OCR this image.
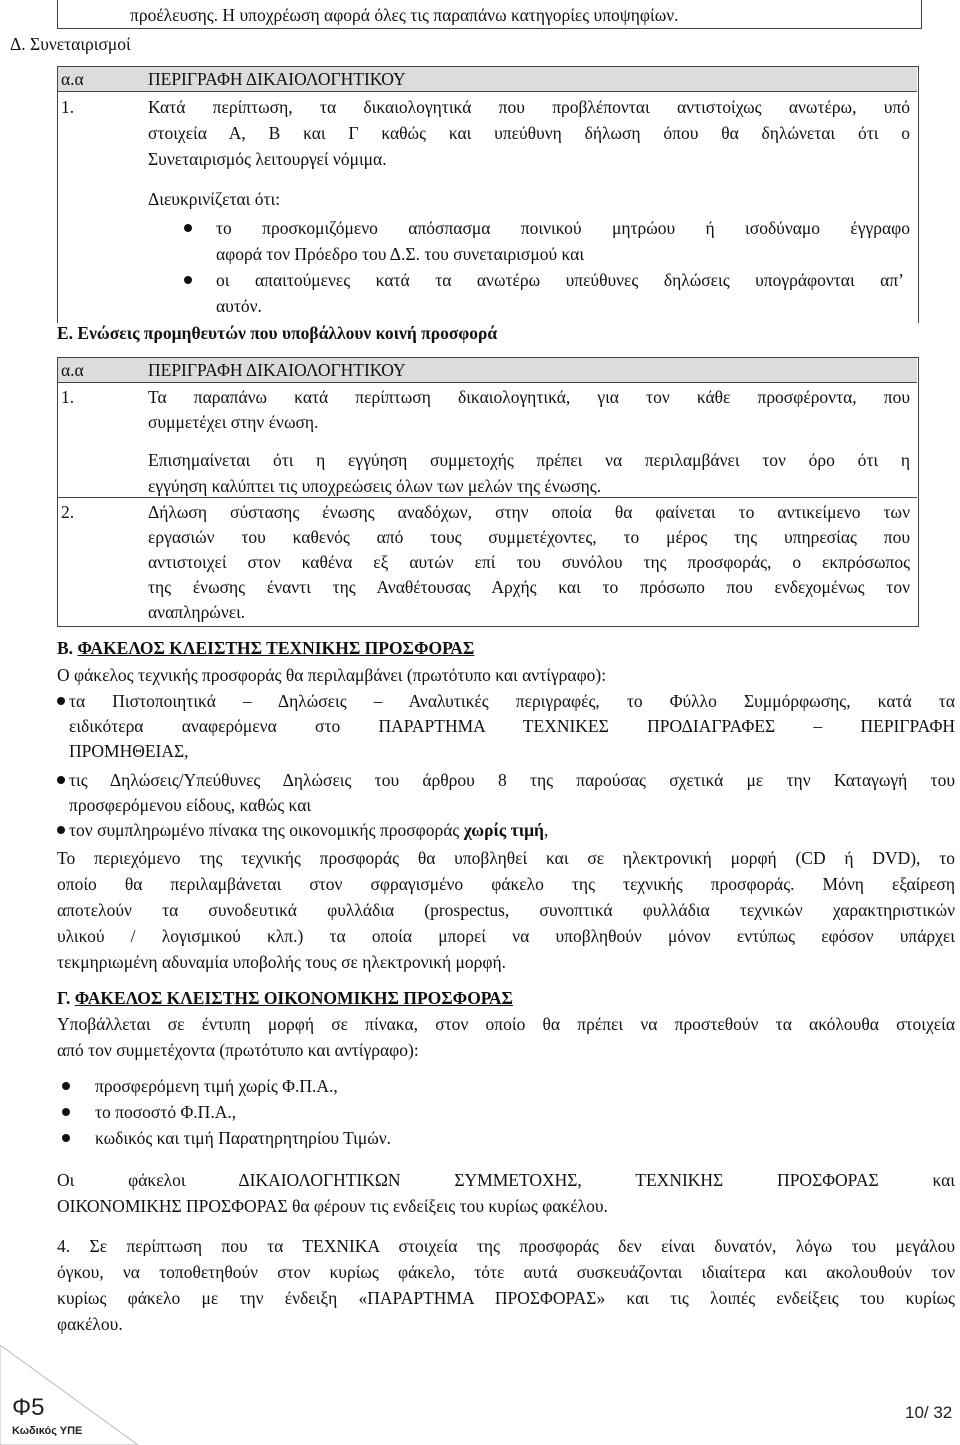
προέλευσης. Η υποχρέωση αφορά όλες τις παραπάνω κατηγορίες υποψηφίων.
Δ. Συνεταιρισμοί
α.α	ΠΕΡΙΓΡΑΦΗ ΔΙΚΑΙΟΛΟΓΗΤΙΚΟΥ
1.	Κατά περίπτωση, τα δικαιολογητικά που προβλέπονται αντιστοίχως ανωτέρω, υπό
στοιχεία Α, Β και Γ καθώς και υπεύθυνη δήλωση όπου θα δηλώνεται ότι ο
Συνεταιρισμός λειτουργεί νόμιμα.
Διευκρινίζεται ότι:
το προσκομιζόμενο απόσπασμα ποινικού μητρώου ή ισοδύναμο έγγραφο
αφορά τον Πρόεδρο του Δ.Σ. του συνεταιρισμού και
οι απαιτούμενες κατά τα ανωτέρω υπεύθυνες δηλώσεις υπογράφονται απ’
αυτόν.
Ε. Ενώσεις προμηθευτών που υποβάλλουν κοινή προσφορά
α.α	ΠΕΡΙΓΡΑΦΗ ΔΙΚΑΙΟΛΟΓΗΤΙΚΟΥ
1.	Τα παραπάνω κατά περίπτωση δικαιολογητικά, για τον κάθε προσφέροντα, που
συμμετέχει στην ένωση.
Επισημαίνεται ότι η εγγύηση συμμετοχής πρέπει να περιλαμβάνει τον όρο ότι η
εγγύηση καλύπτει τις υποχρεώσεις όλων των μελών της ένωσης.
2.	Δήλωση σύστασης ένωσης αναδόχων, στην οποία θα φαίνεται το αντικείμενο των
εργασιών του καθενός από τους συμμετέχοντες, το μέρος της υπηρεσίας που
αντιστοιχεί στον καθένα εξ αυτών επί του συνόλου της προσφοράς, ο εκπρόσωπος
της ένωσης έναντι της Αναθέτουσας Αρχής και το πρόσωπο που ενδεχομένως τον
αναπληρώνει.
Β. ΦΑΚΕΛΟΣ ΚΛΕΙΣΤΗΣ ΤΕΧΝΙΚΗΣ ΠΡΟΣΦΟΡΑΣ
Ο φάκελος τεχνικής προσφοράς θα περιλαμβάνει (πρωτότυπο και αντίγραφο):
τα Πιστοποιητικά – Δηλώσεις – Αναλυτικές περιγραφές, το Φύλλο Συμμόρφωσης, κατά τα
ειδικότερα αναφερόμενα στο ΠΑΡΑΡΤΗΜΑ ΤΕΧΝΙΚΕΣ ΠΡΟΔΙΑΓΡΑΦΕΣ – ΠΕΡΙΓΡΑΦΗ
ΠΡΟΜΗΘΕΙΑΣ,
τις Δηλώσεις/Υπεύθυνες Δηλώσεις του άρθρου 8 της παρούσας σχετικά με την Καταγωγή του
προσφερόμενου είδους, καθώς και
τον συμπληρωμένο πίνακα της οικονομικής προσφοράς χωρίς τιμή,
Το περιεχόμενο της τεχνικής προσφοράς θα υποβληθεί και σε ηλεκτρονική μορφή (CD ή DVD), το
οποίο θα περιλαμβάνεται στον σφραγισμένο φάκελο της τεχνικής προσφοράς. Μόνη εξαίρεση
αποτελούν τα συνοδευτικά φυλλάδια (prospectus, συνοπτικά φυλλάδια τεχνικών χαρακτηριστικών
υλικού / λογισμικού κλπ.) τα οποία μπορεί να υποβληθούν μόνον εντύπως εφόσον υπάρχει
τεκμηριωμένη αδυναμία υποβολής τους σε ηλεκτρονική μορφή.
Γ. ΦΑΚΕΛΟΣ ΚΛΕΙΣΤΗΣ ΟΙΚΟΝΟΜΙΚΗΣ ΠΡΟΣΦΟΡΑΣ
Υποβάλλεται σε έντυπη μορφή σε πίνακα, στον οποίο θα πρέπει να προστεθούν τα ακόλουθα στοιχεία
από τον συμμετέχοντα (πρωτότυπο και αντίγραφο):
προσφερόμενη τιμή χωρίς Φ.Π.Α.,
το ποσοστό Φ.Π.Α.,
κωδικός και τιμή Παρατηρητηρίου Τιμών.
Οι φάκελοι ΔΙΚΑΙΟΛΟΓΗΤΙΚΩΝ ΣΥΜΜΕΤΟΧΗΣ, ΤΕΧΝΙΚΗΣ ΠΡΟΣΦΟΡΑΣ και
ΟΙΚΟΝΟΜΙΚΗΣ ΠΡΟΣΦΟΡΑΣ θα φέρουν τις ενδείξεις του κυρίως φακέλου.
4. Σε περίπτωση που τα ΤΕΧΝΙΚΑ στοιχεία της προσφοράς δεν είναι δυνατόν, λόγω του μεγάλου
όγκου, να τοποθετηθούν στον κυρίως φάκελο, τότε αυτά συσκευάζονται ιδιαίτερα και ακολουθούν τον
κυρίως φάκελο με την ένδειξη «ΠΑΡΑΡΤΗΜΑ ΠΡΟΣΦΟΡΑΣ» και τις λοιπές ενδείξεις του κυρίως
φακέλου.
Φ5
Κωδικός ΥΠΕ
10/ 32
